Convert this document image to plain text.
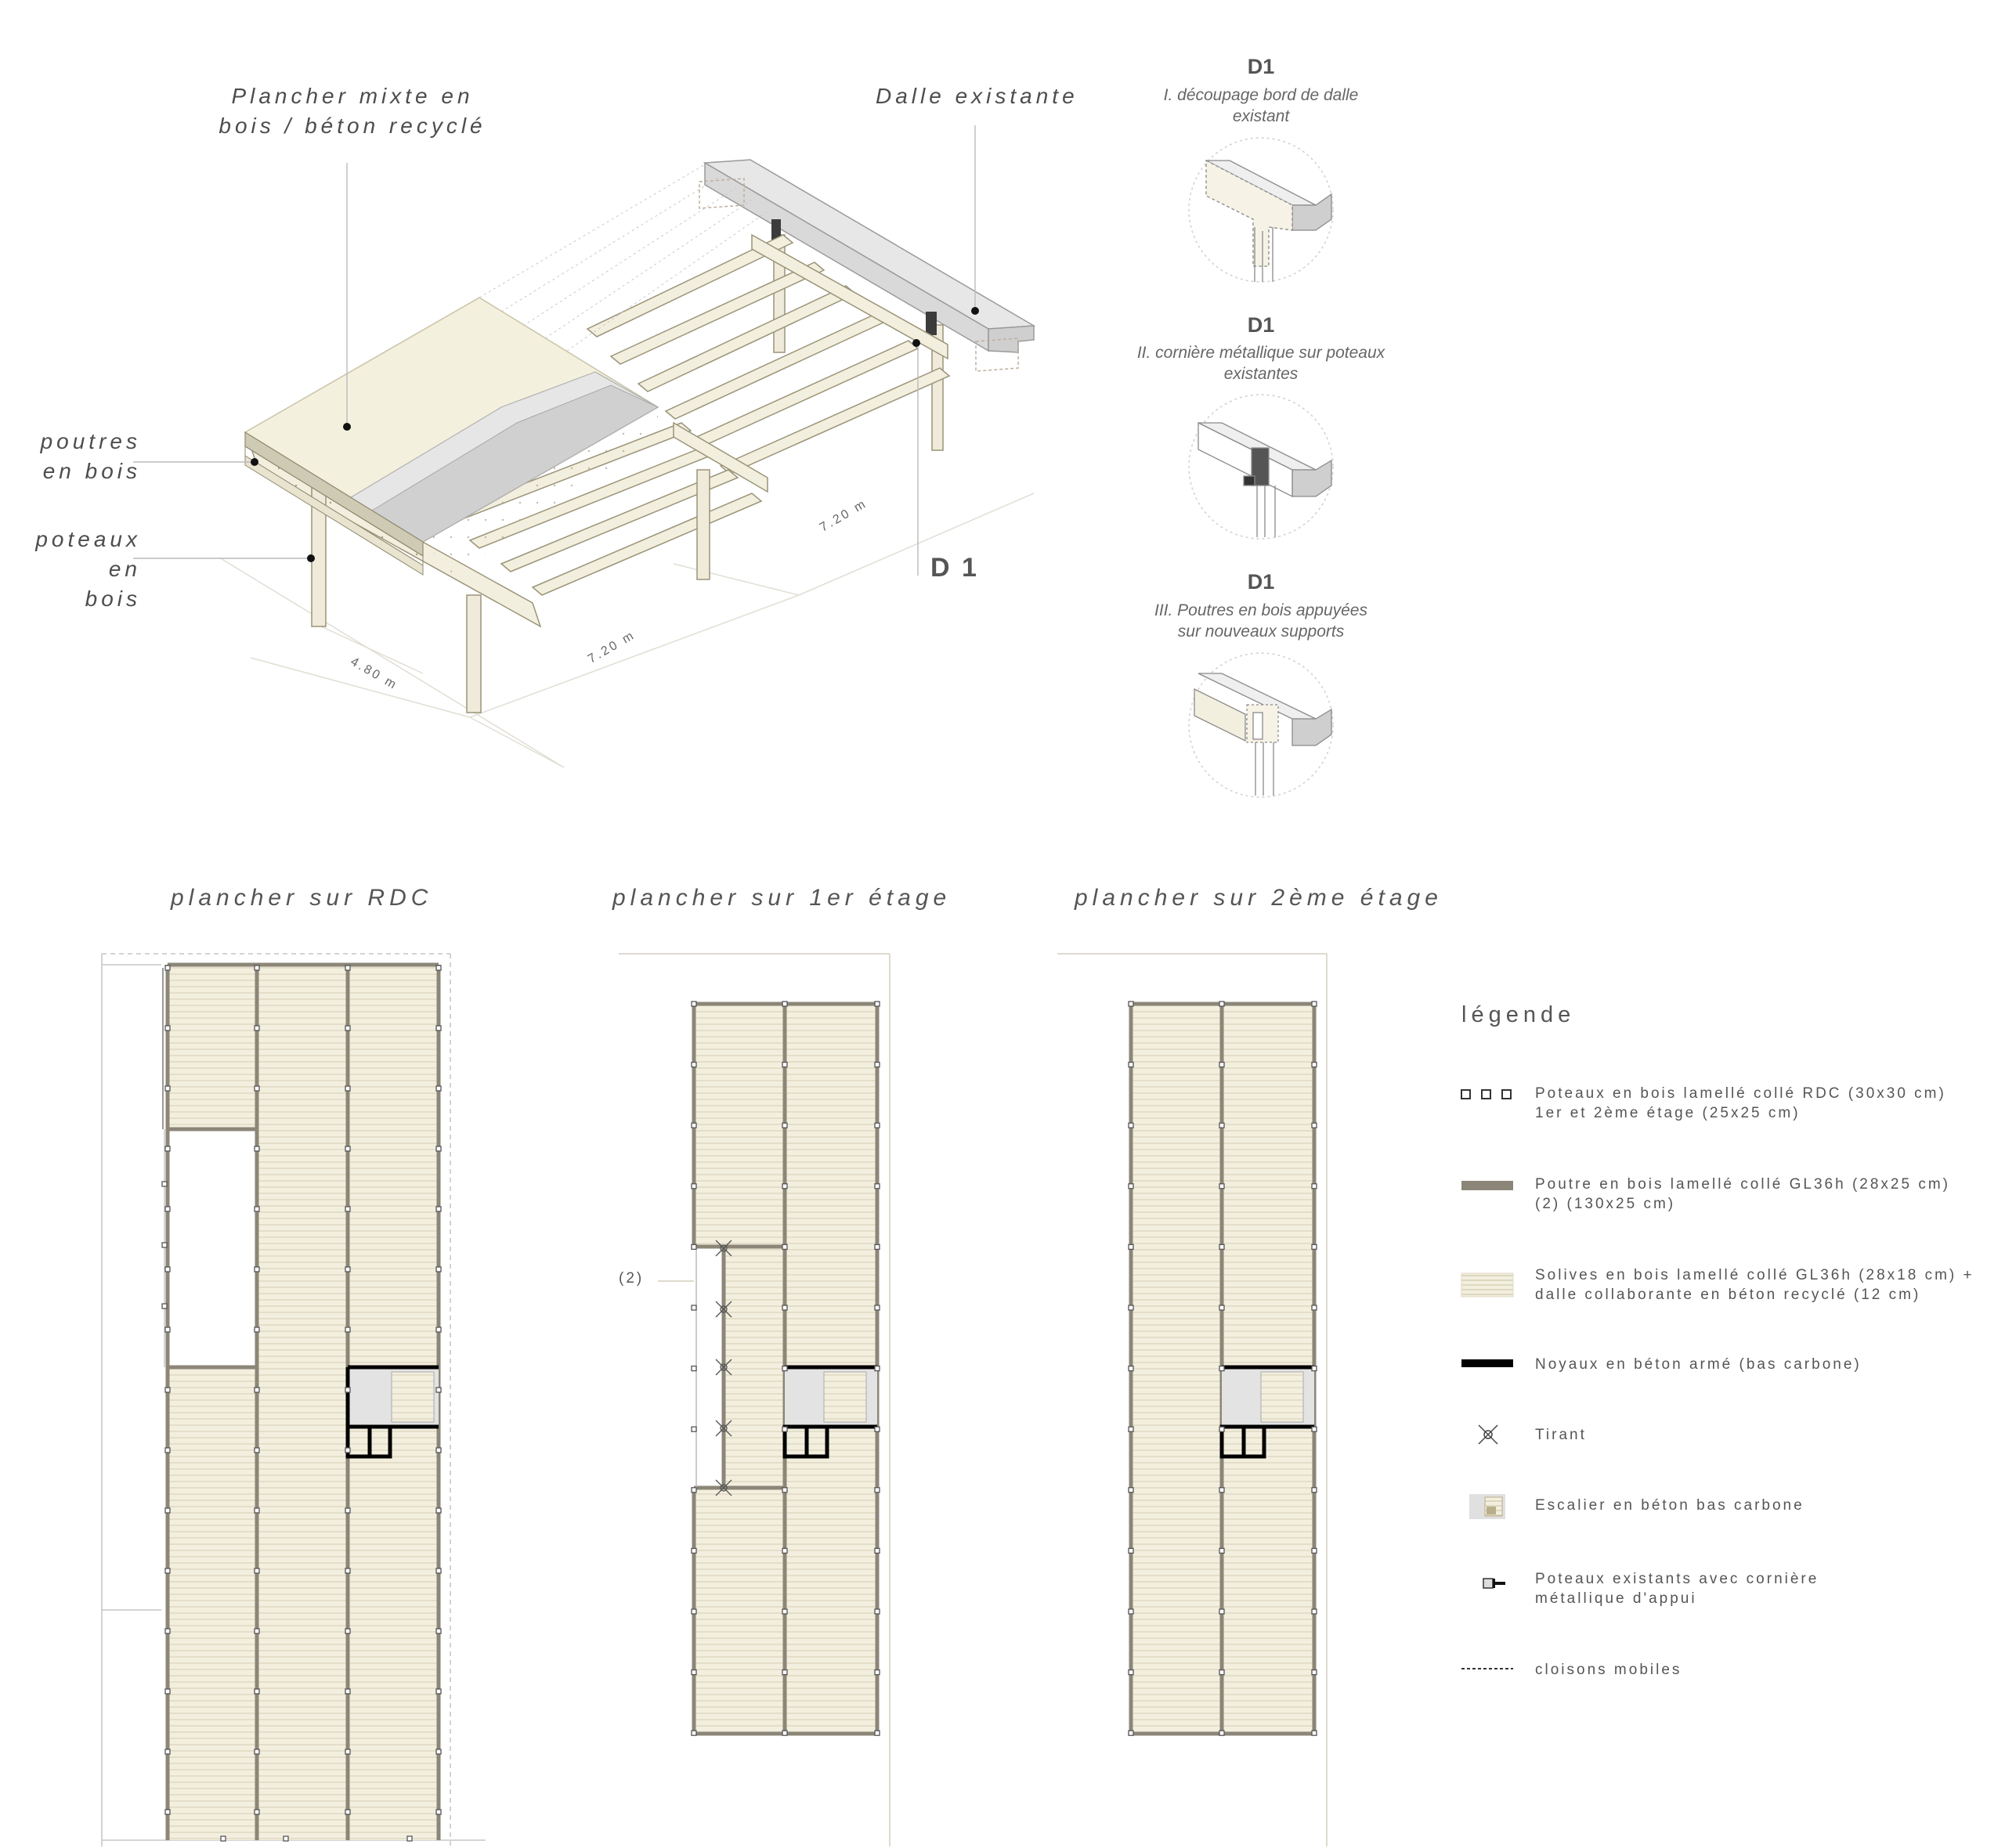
Plancher mixte en
bois / béton recyclé
Dalle existante
poutres
en bois
poteaux en
bois
D 1
4.80 m
7.20 m
7.20 m
D1
I. découpage bord de dalle
existant
D1
II. cornière métallique sur poteaux
existantes
D1
III. Poutres en bois appuyées
sur nouveaux supports
plancher sur RDC	plancher sur 1er étage	plancher sur 2ème étage
(2)
légende
Poteaux en bois lamellé collé RDC (30x30 cm)
1er et 2ème étage (25x25 cm)
Poutre en bois lamellé collé GL36h (28x25 cm)
(2) (130x25 cm)
Solives en bois lamellé collé GL36h (28x18 cm) +
dalle collaborante en béton recyclé (12 cm)
Noyaux en béton armé (bas carbone)
Tirant
Escalier en béton bas carbone
Poteaux existants avec cornière
métallique d'appui
cloisons mobiles
